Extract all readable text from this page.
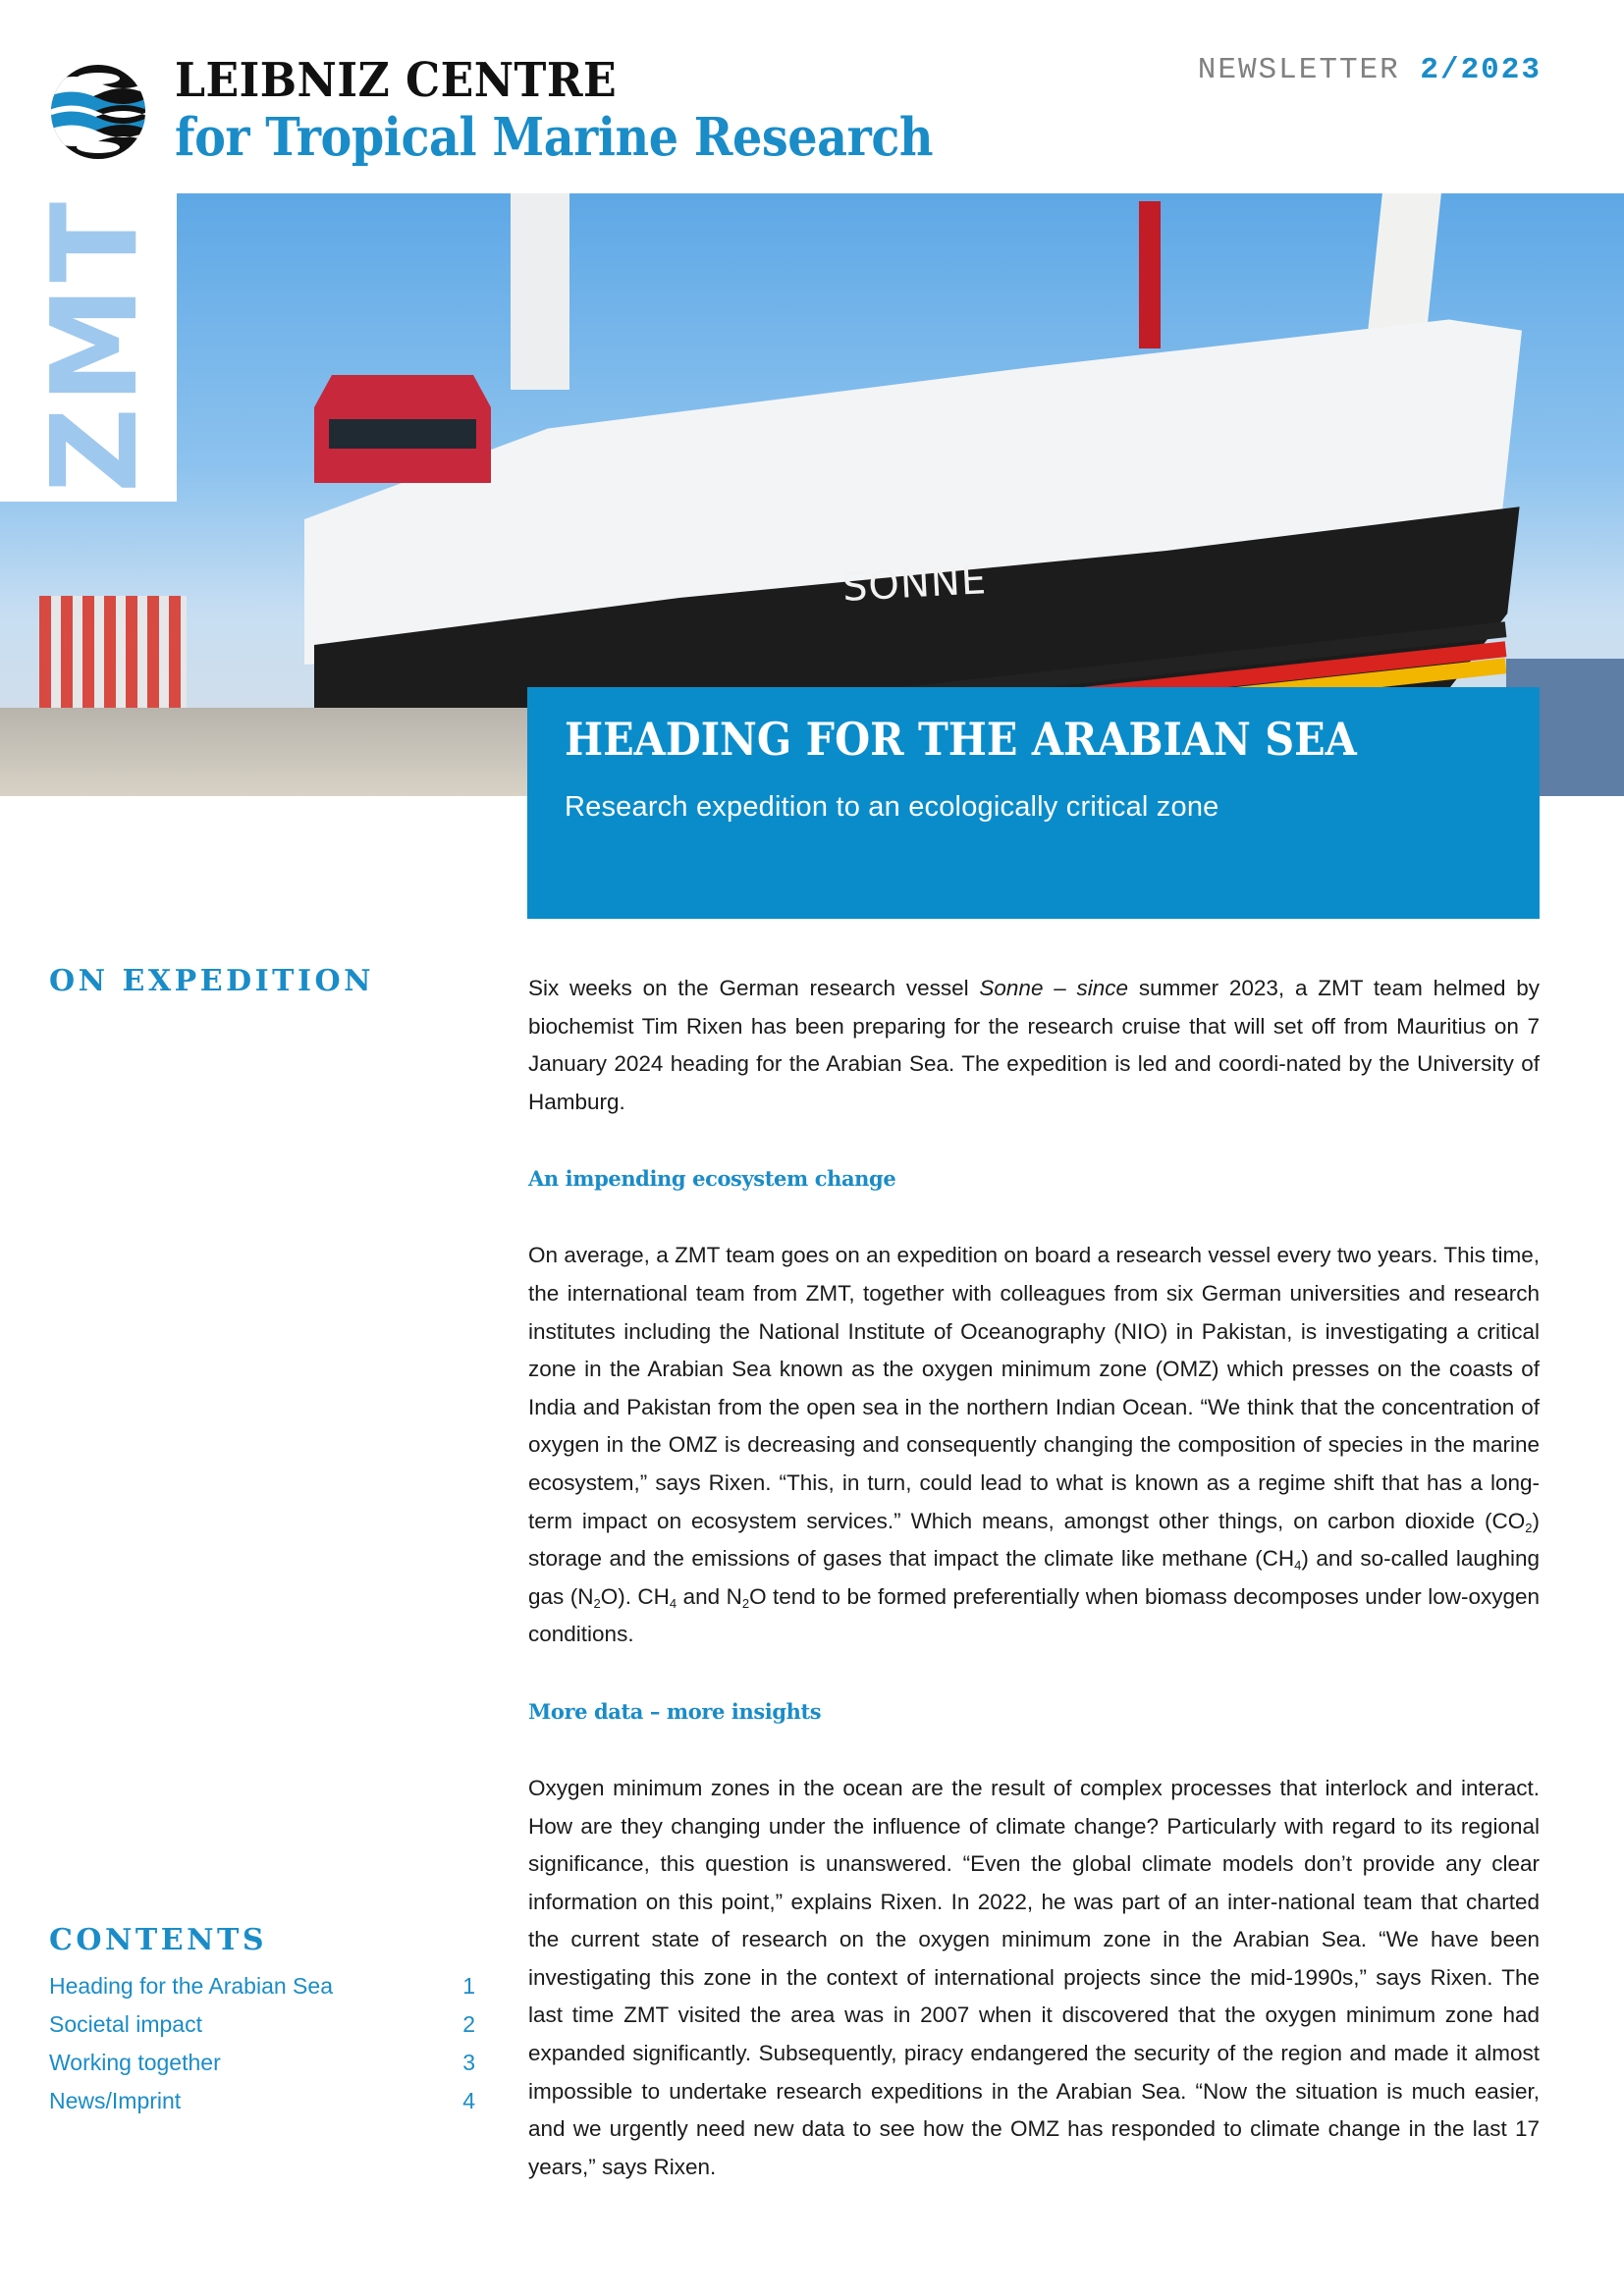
LEIBNIZ CENTRE
for Tropical Marine Research
NEWSLETTER 2/2023
SONNE
ZMT
HEADING FOR THE ARABIAN SEA

Research expedition to an ecologically critical zone

ON EXPEDITION
CONTENTS
Heading for the Arabian Sea	1
Societal impact	2
Working together	3
News/Imprint	4

Six weeks on the German research vessel Sonne – since summer 2023, a ZMT team helmed by biochemist Tim Rixen has been preparing for the research cruise that will set off from Mauritius on 7 January 2024 heading for the Arabian Sea. The expedition is led and coordi-nated by the University of Hamburg.

An impending ecosystem change

On average, a ZMT team goes on an expedition on board a research vessel every two years. This time, the international team from ZMT, together with colleagues from six German universities and research institutes including the National Institute of Oceanography (NIO) in Pakistan, is investigating a critical zone in the Arabian Sea known as the oxygen minimum zone (OMZ) which presses on the coasts of India and Pakistan from the open sea in the northern Indian Ocean. “We think that the concentration of oxygen in the OMZ is decreasing and consequently changing the composition of species in the marine ecosystem,” says Rixen. “This, in turn, could lead to what is known as a regime shift that has a long-term impact on ecosystem services.” Which means, amongst other things, on carbon dioxide $(CO_2)$ storage and the emissions of gases that impact the climate like methane $(CH_4)$ and so-called laughing gas $(N_2O)$. $CH_4$ and $N_2O$ tend to be formed preferentially when biomass decomposes under low-oxygen conditions.

More data – more insights

Oxygen minimum zones in the ocean are the result of complex processes that interlock and interact. How are they changing under the influence of climate change? Particularly with regard to its regional significance, this question is unanswered. “Even the global climate models don’t provide any clear information on this point,” explains Rixen. In 2022, he was part of an inter-national team that charted the current state of research on the oxygen minimum zone in the Arabian Sea. “We have been investigating this zone in the context of international projects since the mid-1990s,” says Rixen. The last time ZMT visited the area was in 2007 when it discovered that the oxygen minimum zone had expanded significantly. Subsequently, piracy endangered the security of the region and made it almost impossible to undertake research expeditions in the Arabian Sea. “Now the situation is much easier, and we urgently need new data to see how the OMZ has responded to climate change in the last 17 years,” says Rixen.
